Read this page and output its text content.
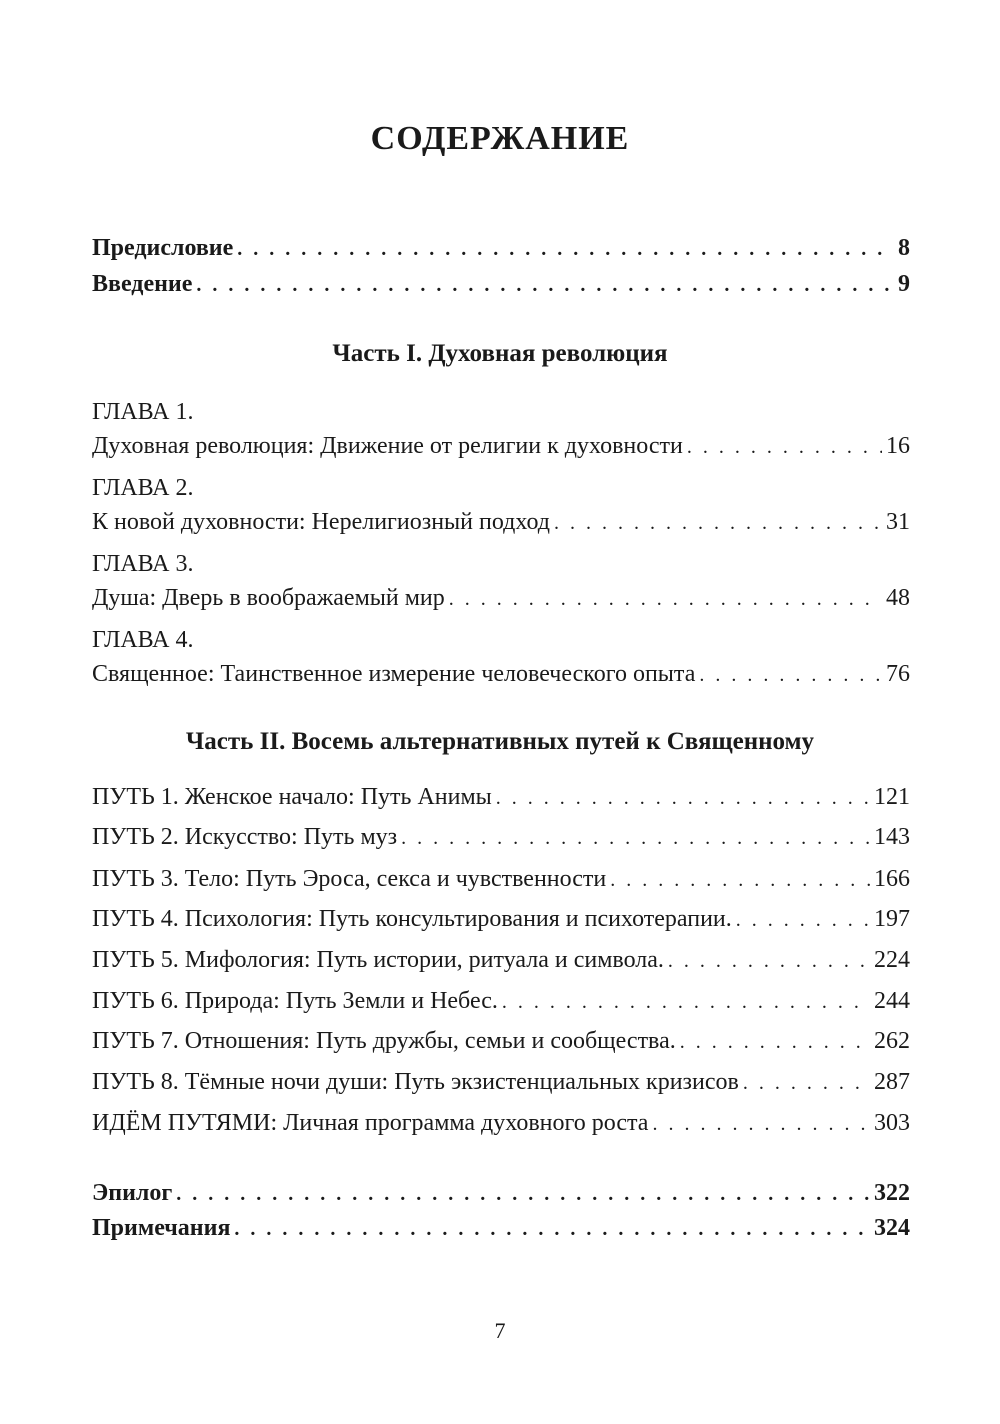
СОДЕРЖАНИЕ
Предисловие . . .	8
Введение . . .	9
Часть I. Духовная революция
ГЛАВА 1.
Духовная революция: Движение от религии к духовности . . .	16
ГЛАВА 2.
К новой духовности: Нерелигиозный подход . . .	31
ГЛАВА 3.
Душа: Дверь в воображаемый мир . . .	48
ГЛАВА 4.
Священное: Таинственное измерение человеческого опыта . . .	76
Часть II. Восемь альтернативных путей к Священному
ПУТЬ 1. Женское начало: Путь Анимы . . .	121
ПУТЬ 2. Искусство: Путь муз . . .	143
ПУТЬ 3. Тело: Путь Эроса, секса и чувственности . . .	166
ПУТЬ 4. Психология: Путь консультирования и психотерапии. . . .	197
ПУТЬ 5. Мифология: Путь истории, ритуала и символа. . . .	224
ПУТЬ 6. Природа: Путь Земли и Небес. . . .	244
ПУТЬ 7. Отношения: Путь дружбы, семьи и сообщества. . . .	262
ПУТЬ 8. Тёмные ночи души: Путь экзистенциальных кризисов . . .	287
ИДЁМ ПУТЯМИ: Личная программа духовного роста . . .	303
Эпилог . . .	322
Примечания . . .	324
7
